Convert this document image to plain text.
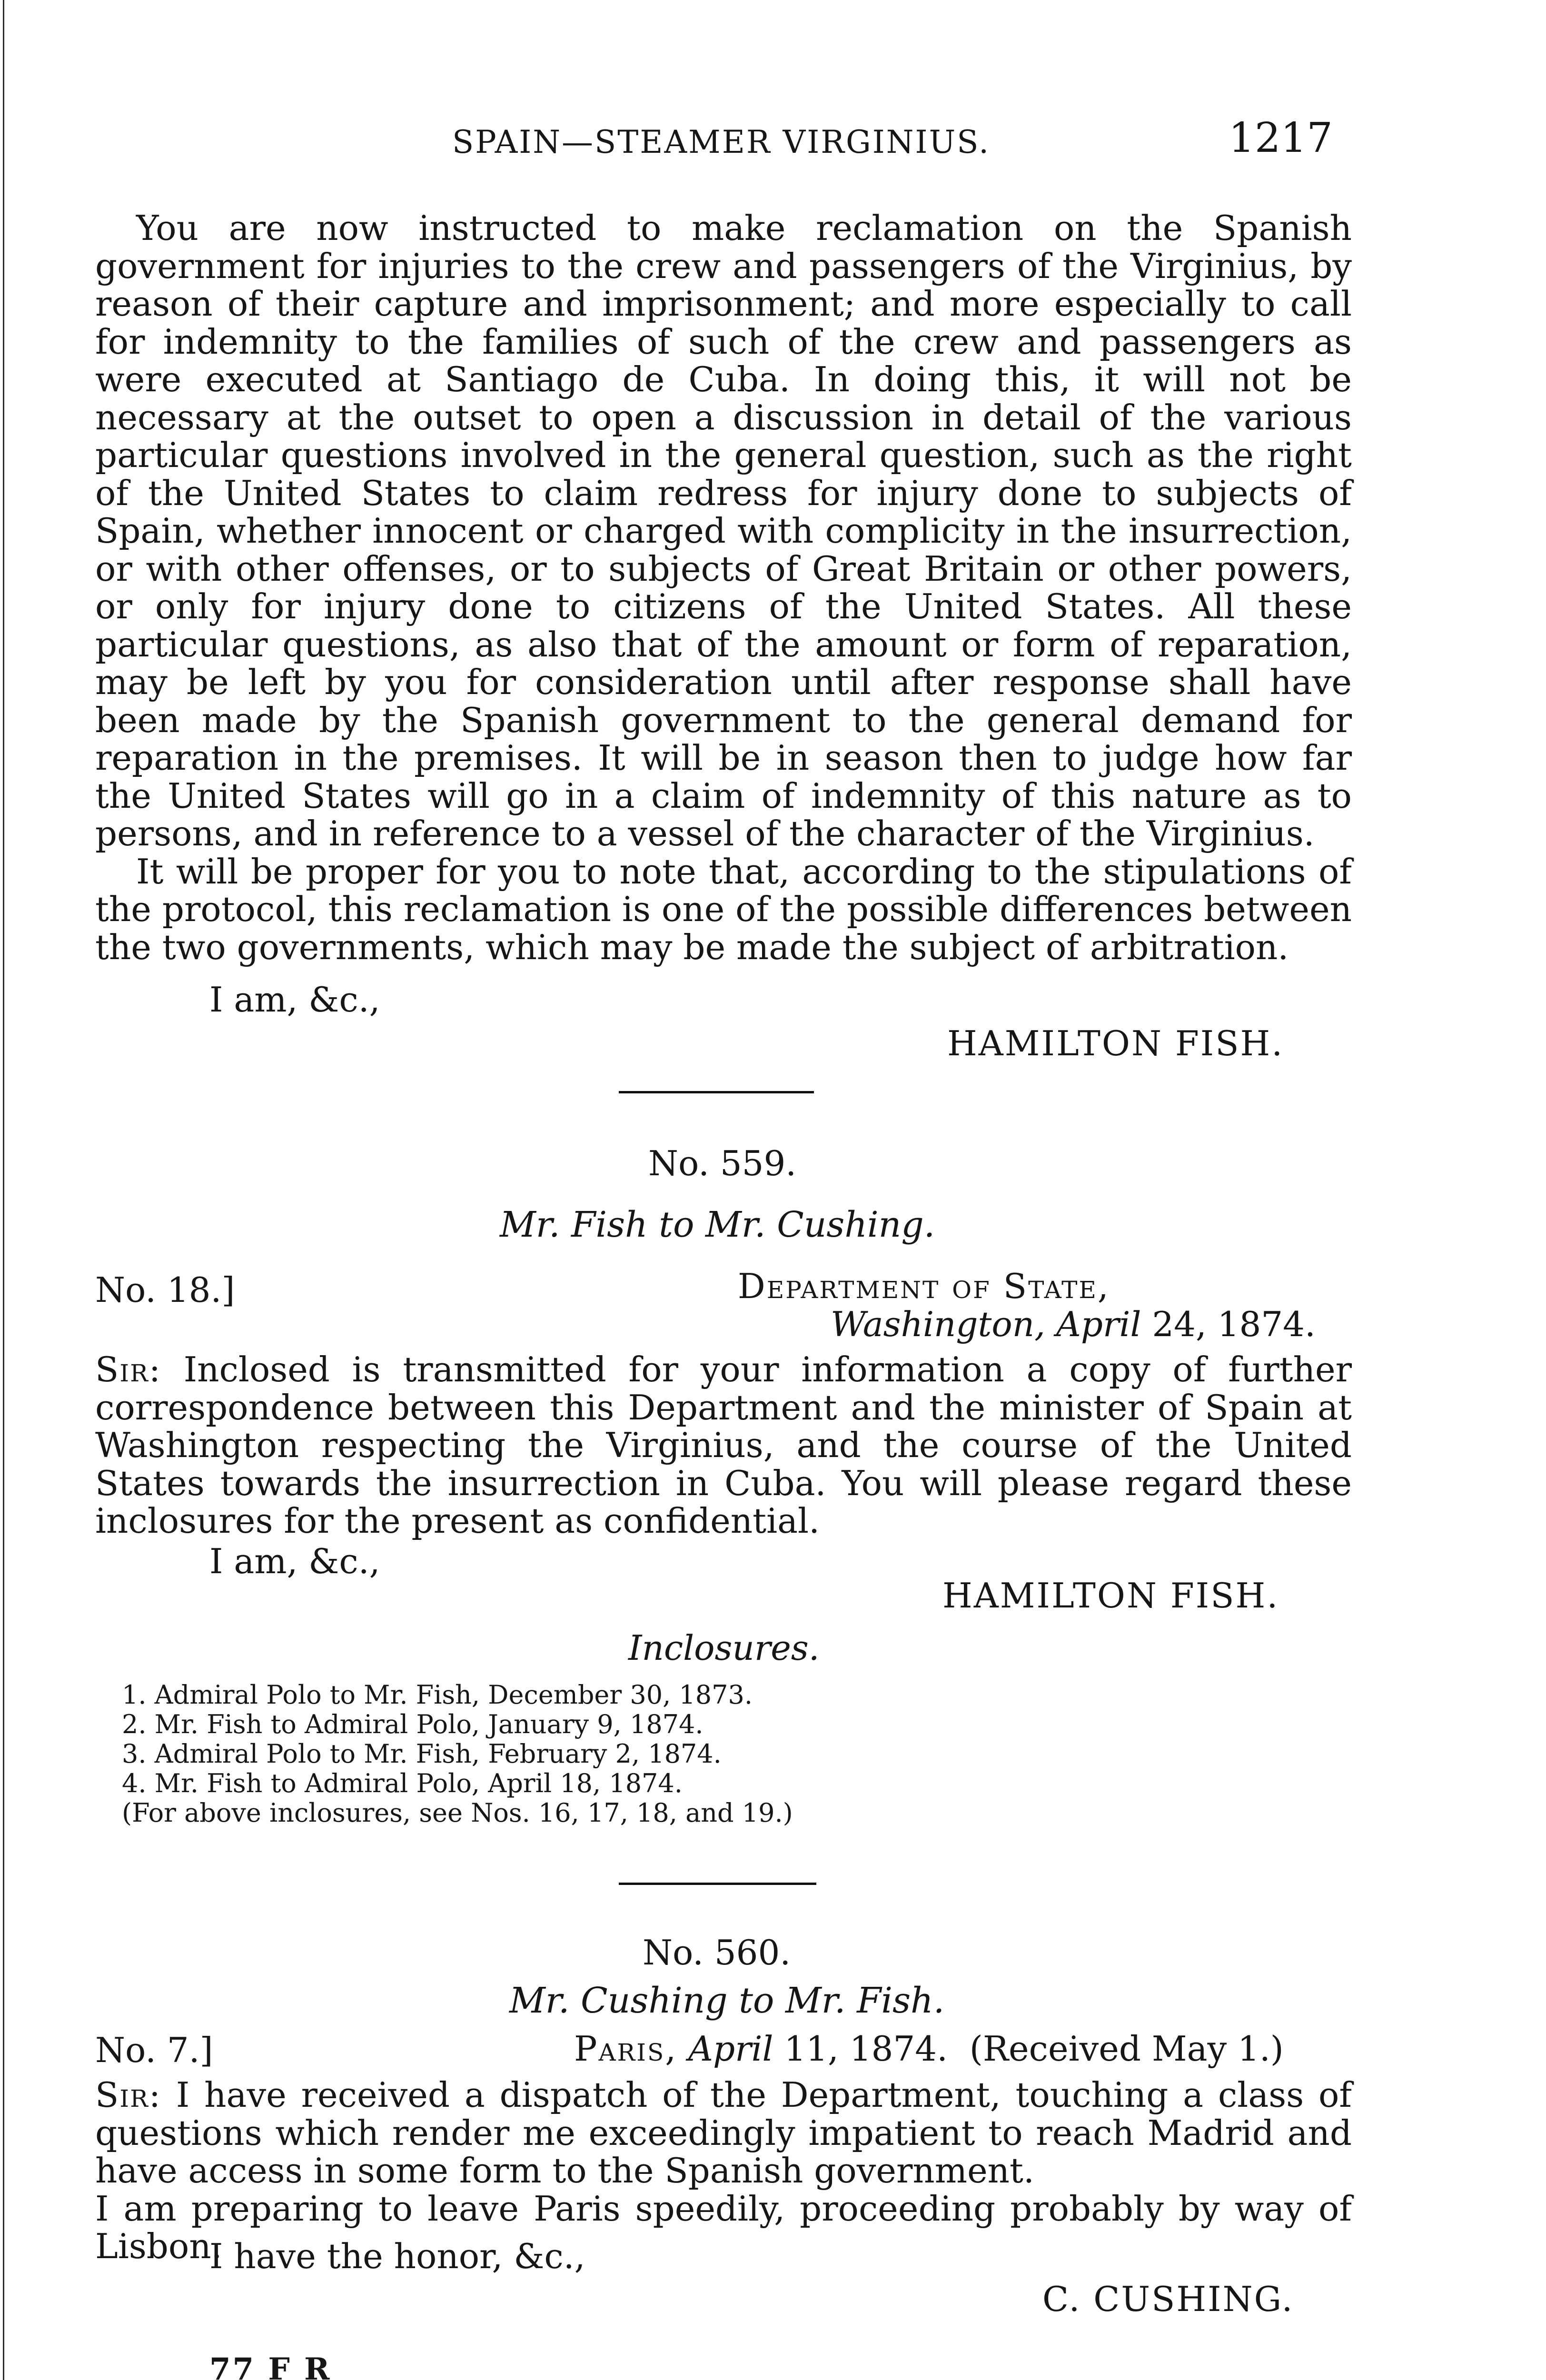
SPAIN—STEAMER VIRGINIUS.	1217

You are now instructed to make reclamation on the Spanish government for injuries to the crew and passengers of the Virginius, by reason of their capture and imprisonment; and more especially to call for indemnity to the families of such of the crew and passengers as were executed at Santiago de Cuba. In doing this, it will not be necessary at the outset to open a discussion in detail of the various particular questions involved in the general question, such as the right of the United States to claim redress for injury done to subjects of Spain, whether innocent or charged with complicity in the insurrection, or with other offenses, or to subjects of Great Britain or other powers, or only for injury done to citizens of the United States. All these particular questions, as also that of the amount or form of reparation, may be left by you for consideration until after response shall have been made by the Spanish government to the general demand for reparation in the premises. It will be in season then to judge how far the United States will go in a claim of indemnity of this nature as to persons, and in reference to a vessel of the character of the Virginius.

It will be proper for you to note that, according to the stipulations of the protocol, this reclamation is one of the possible differences between the two governments, which may be made the subject of arbitration.

I am, &c.,
HAMILTON FISH.
No. 559.
Mr. Fish to Mr. Cushing.
No. 18.]	Department of State,
Washington, April 24, 1874.

Sir: Inclosed is transmitted for your information a copy of further correspondence between this Department and the minister of Spain at Washington respecting the Virginius, and the course of the United States towards the insurrection in Cuba. You will please regard these inclosures for the present as confidential.

I am, &c.,
HAMILTON FISH.
Inclosures.
1. Admiral Polo to Mr. Fish, December 30, 1873.
2. Mr. Fish to Admiral Polo, January 9, 1874.
3. Admiral Polo to Mr. Fish, February 2, 1874.
4. Mr. Fish to Admiral Polo, April 18, 1874.
(For above inclosures, see Nos. 16, 17, 18, and 19.)
No. 560.
Mr. Cushing to Mr. Fish.
No. 7.]	Paris, April 11, 1874. (Received May 1.)

Sir: I have received a dispatch of the Department, touching a class of questions which render me exceedingly impatient to reach Madrid and have access in some form to the Spanish government.

I am preparing to leave Paris speedily, proceeding probably by way of Lisbon.

I have the honor, &c.,
C. CUSHING.
77 F R
